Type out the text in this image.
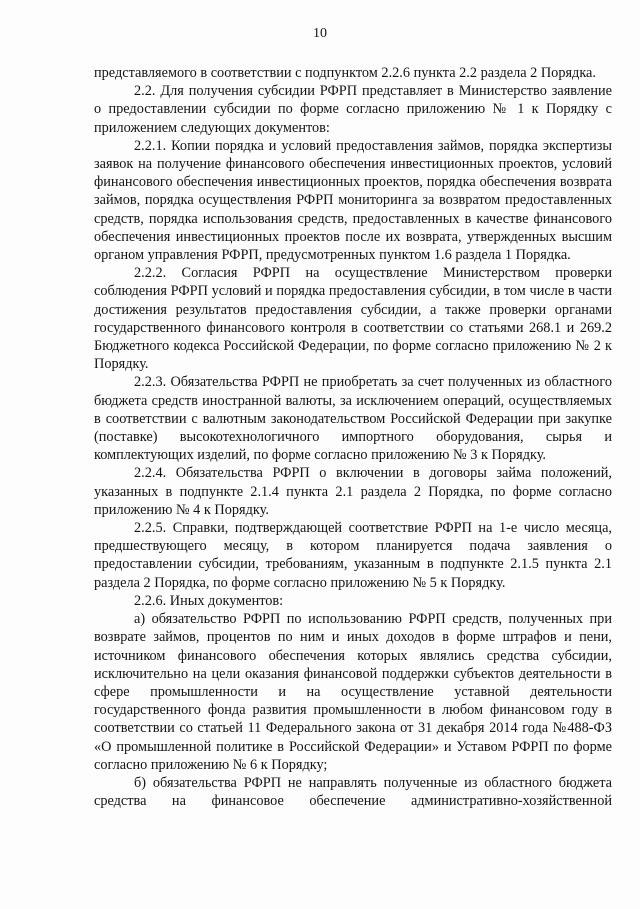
10

представляемого в соответствии с подпунктом 2.2.6 пункта 2.2 раздела 2 Порядка.

2.2. Для получения субсидии РФРП представляет в Министерство заявление о предоставлении субсидии по форме согласно приложению № 1 к Порядку с приложением следующих документов:

2.2.1. Копии порядка и условий предоставления займов, порядка экспертизы заявок на получение финансового обеспечения инвестиционных проектов, условий финансового обеспечения инвестиционных проектов, порядка обеспечения возврата займов, порядка осуществления РФРП мониторинга за возвратом предоставленных средств, порядка использования средств, предоставленных в качестве финансового обеспечения инвестиционных проектов после их возврата, утвержденных высшим органом управления РФРП, предусмотренных пунктом 1.6 раздела 1 Порядка.

2.2.2. Согласия РФРП на осуществление Министерством проверки соблюдения РФРП условий и порядка предоставления субсидии, в том числе в части достижения результатов предоставления субсидии, а также проверки органами государственного финансового контроля в соответствии со статьями 268.1 и 269.2 Бюджетного кодекса Российской Федерации, по форме согласно приложению № 2 к Порядку.

2.2.3. Обязательства РФРП не приобретать за счет полученных из областного бюджета средств иностранной валюты, за исключением операций, осуществляемых в соответствии с валютным законодательством Российской Федерации при закупке (поставке) высокотехнологичного импортного оборудования, сырья и комплектующих изделий, по форме согласно приложению № 3 к Порядку.

2.2.4. Обязательства РФРП о включении в договоры займа положений, указанных в подпункте 2.1.4 пункта 2.1 раздела 2 Порядка, по форме согласно приложению № 4 к Порядку.

2.2.5. Справки, подтверждающей соответствие РФРП на 1-е число месяца, предшествующего месяцу, в котором планируется подача заявления о предоставлении субсидии, требованиям, указанным в подпункте 2.1.5 пункта 2.1 раздела 2 Порядка, по форме согласно приложению № 5 к Порядку.

2.2.6. Иных документов:

а) обязательство РФРП по использованию РФРП средств, полученных при возврате займов, процентов по ним и иных доходов в форме штрафов и пени, источником финансового обеспечения которых являлись средства субсидии, исключительно на цели оказания финансовой поддержки субъектов деятельности в сфере промышленности и на осуществление уставной деятельности государственного фонда развития промышленности в любом финансовом году в соответствии со статьей 11 Федерального закона от 31 декабря 2014 года №488-ФЗ «О промышленной политике в Российской Федерации» и Уставом РФРП по форме согласно приложению № 6 к Порядку;

б) обязательства РФРП не направлять полученные из областного бюджета средства на финансовое обеспечение административно-хозяйственной
